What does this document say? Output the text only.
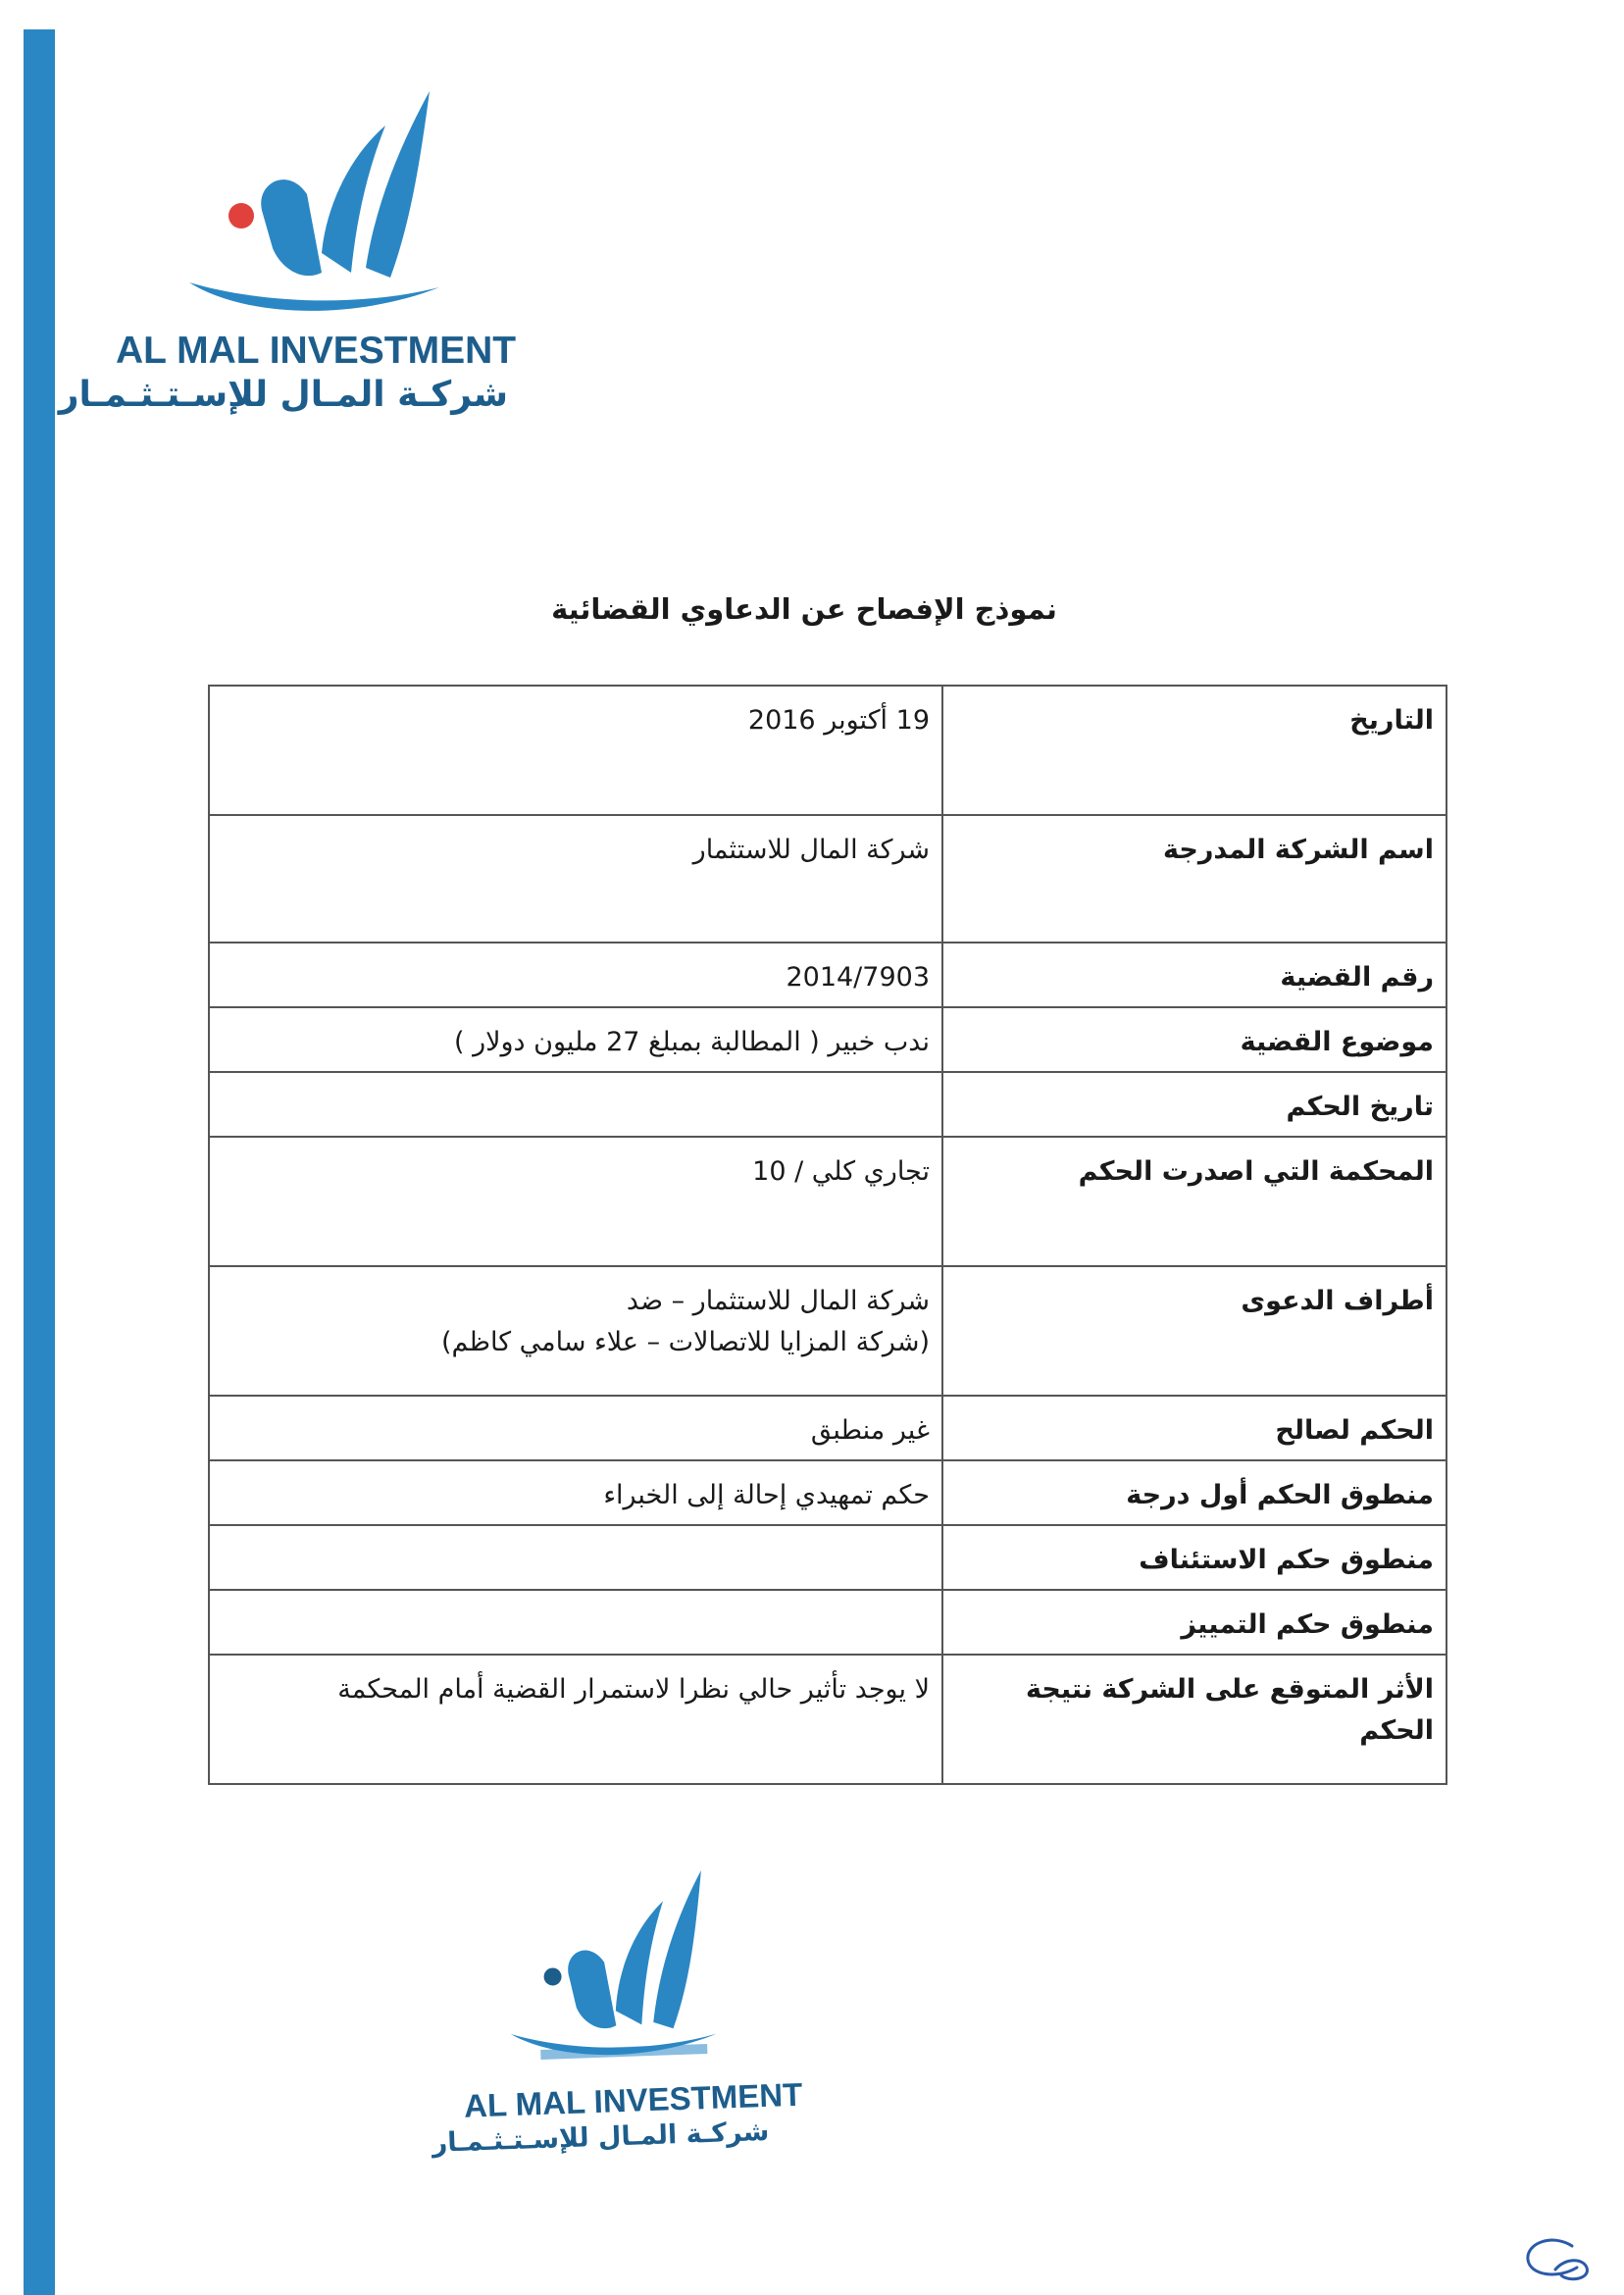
AL MAL INVESTMENT
شركـة المـال للإسـتـثـمـار
نموذج الإفصاح عن الدعاوي القضائية
التاريخ	19 أكتوبر 2016

اسم الشركة المدرجة	شركة المال للاستثمار

رقم القضية	2014/7903

موضوع القضية	ندب خبير ( المطالبة بمبلغ 27 مليون دولار )

تاريخ الحكم	

المحكمة التي اصدرت الحكم	تجاري كلي / 10

أطراف الدعوى	شركة المال للاستثمار – ضد
(شركة المزايا للاتصالات – علاء سامي كاظم)

الحكم لصالح	غير منطبق

منطوق الحكم أول درجة	حكم تمهيدي إحالة إلى الخبراء

منطوق حكم الاستئناف	

منطوق حكم التمييز	

الأثر المتوقع على الشركة نتيجة الحكم	لا يوجد تأثير حالي نظرا لاستمرار القضية أمام المحكمة
AL MAL INVESTMENT
شركـة المـال للإسـتـثـمـار
